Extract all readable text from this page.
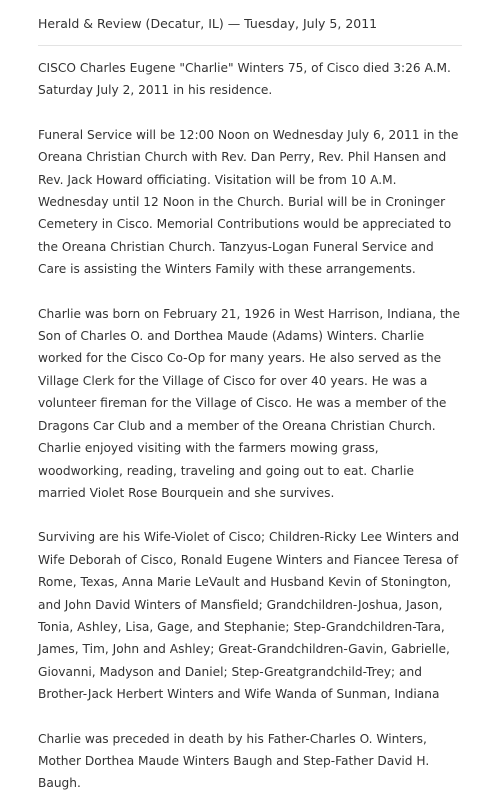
Herald & Review (Decatur, IL) — Tuesday, July 5, 2011

CISCO Charles Eugene "Charlie" Winters 75, of Cisco died 3:26 A.M. Saturday July 2, 2011 in his residence.

Funeral Service will be 12:00 Noon on Wednesday July 6, 2011 in the Oreana Christian Church with Rev. Dan Perry, Rev. Phil Hansen and Rev. Jack Howard officiating. Visitation will be from 10 A.M. Wednesday until 12 Noon in the Church. Burial will be in Croninger Cemetery in Cisco. Memorial Contributions would be appreciated to the Oreana Christian Church. Tanzyus-Logan Funeral Service and Care is assisting the Winters Family with these arrangements.

Charlie was born on February 21, 1926 in West Harrison, Indiana, the Son of Charles O. and Dorthea Maude (Adams) Winters. Charlie worked for the Cisco Co-Op for many years. He also served as the Village Clerk for the Village of Cisco for over 40 years. He was a volunteer fireman for the Village of Cisco. He was a member of the Dragons Car Club and a member of the Oreana Christian Church. Charlie enjoyed visiting with the farmers mowing grass, woodworking, reading, traveling and going out to eat. Charlie married Violet Rose Bourquein and she survives.

Surviving are his Wife-Violet of Cisco; Children-Ricky Lee Winters and Wife Deborah of Cisco, Ronald Eugene Winters and Fiancee Teresa of Rome, Texas, Anna Marie LeVault and Husband Kevin of Stonington, and John David Winters of Mansfield; Grandchildren-Joshua, Jason, Tonia, Ashley, Lisa, Gage, and Stephanie; Step-Grandchildren-Tara, James, Tim, John and Ashley; Great-Grandchildren-Gavin, Gabrielle, Giovanni, Madyson and Daniel; Step-Greatgrandchild-Trey; and Brother-Jack Herbert Winters and Wife Wanda of Sunman, Indiana

Charlie was preceded in death by his Father-Charles O. Winters, Mother Dorthea Maude Winters Baugh and Step-Father David H. Baugh.
